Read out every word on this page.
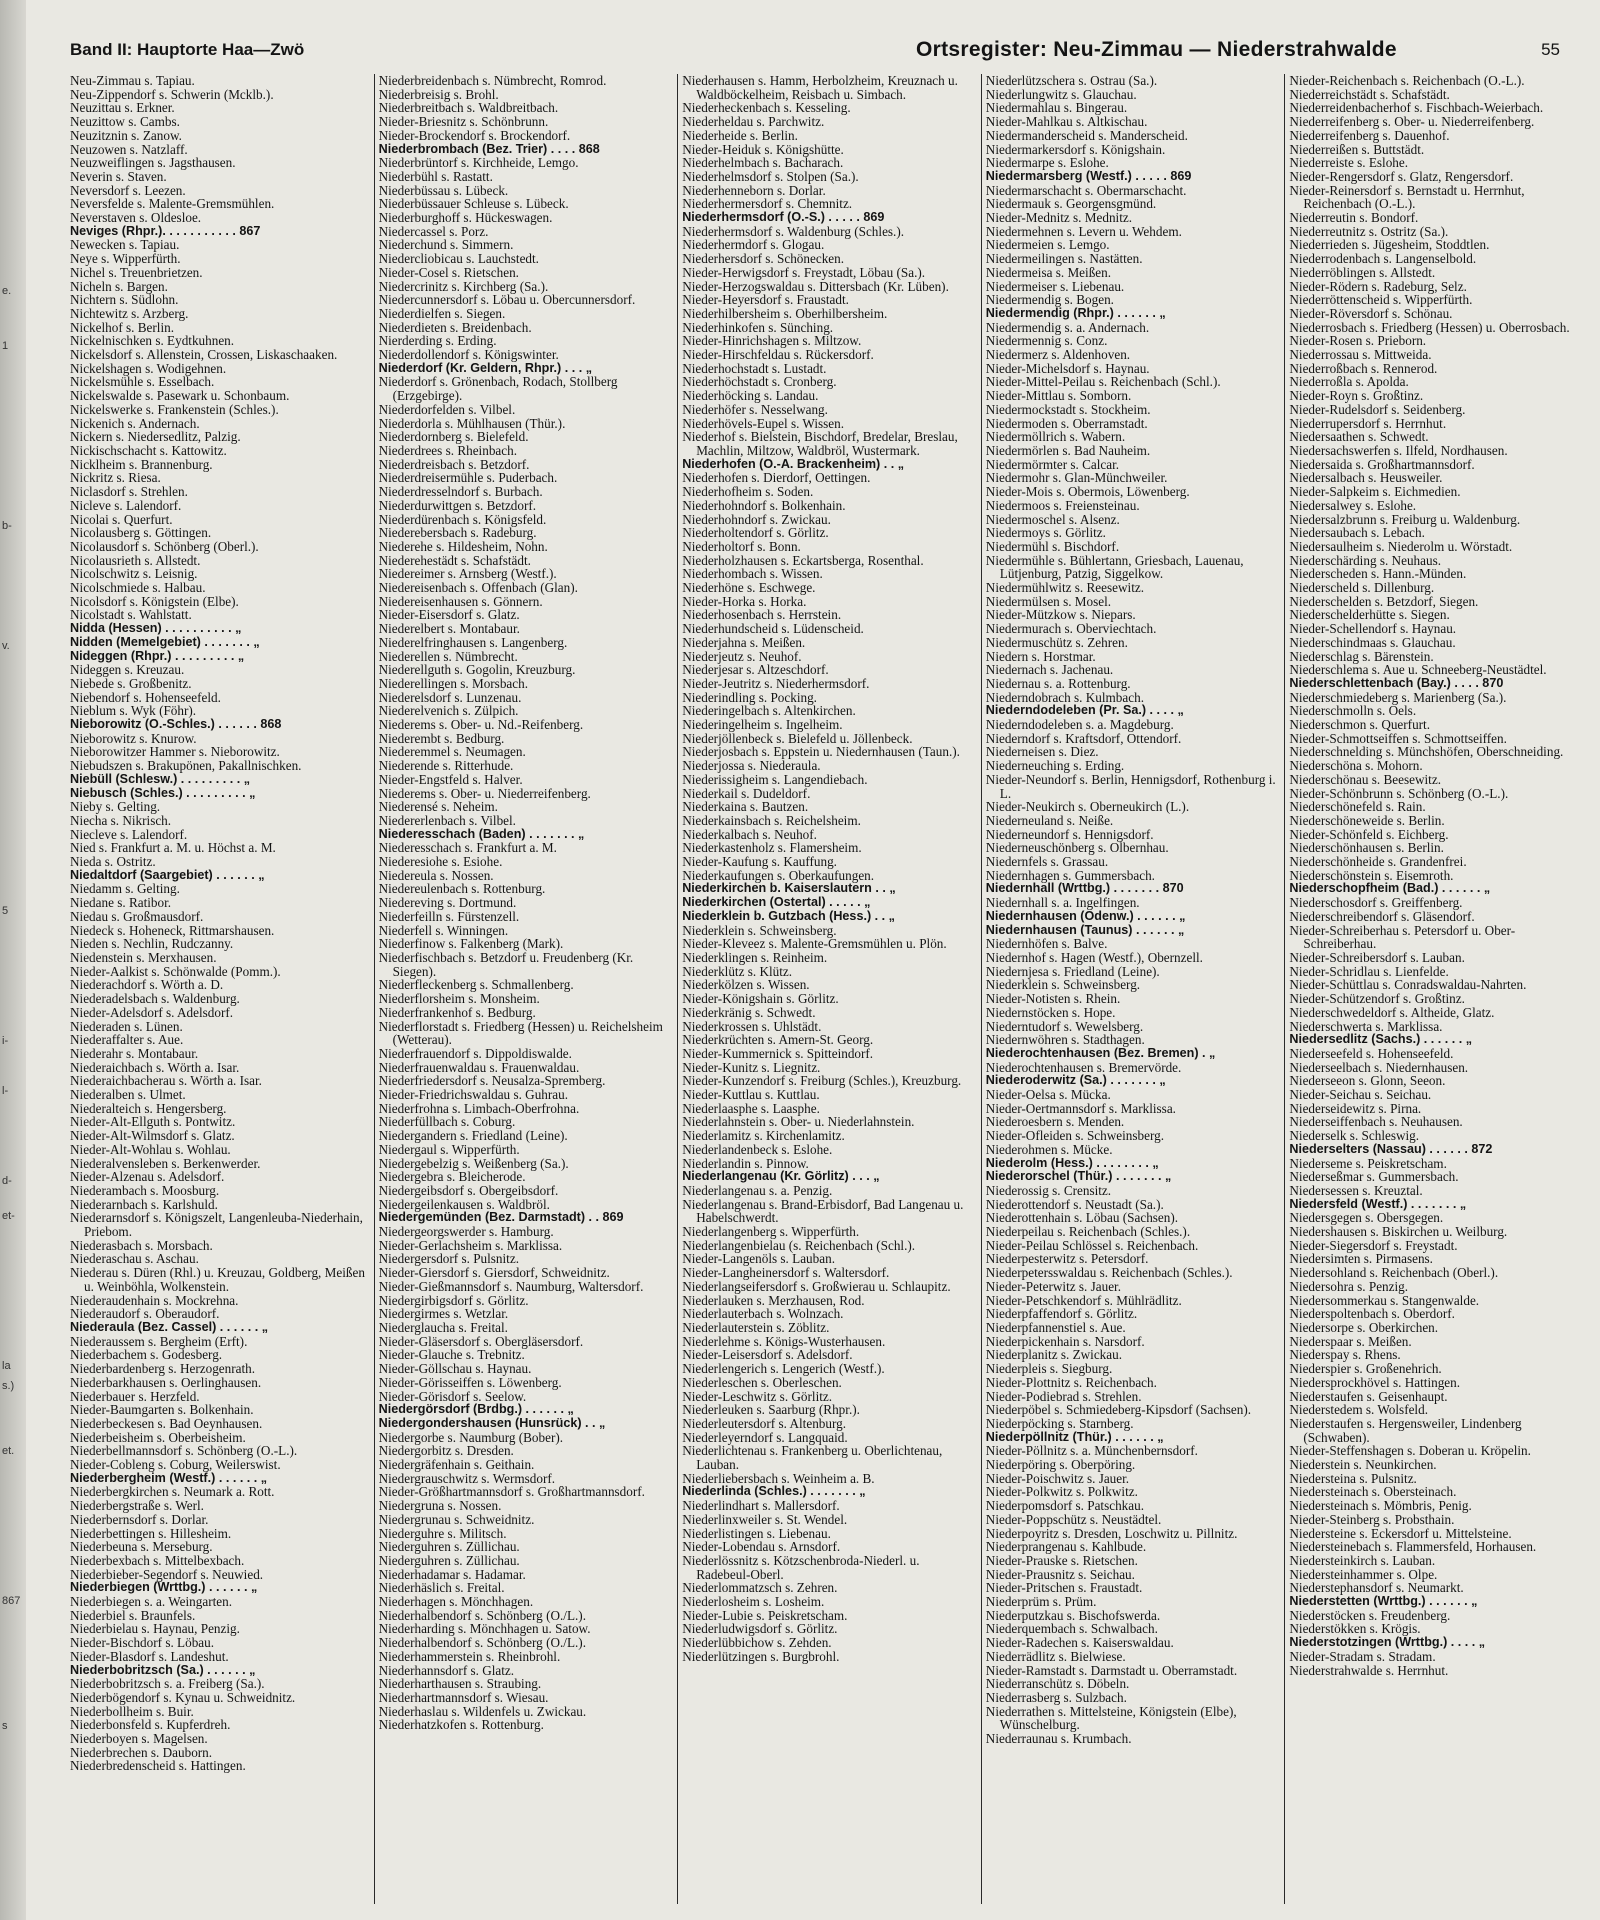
e.
1
b-
v.
5
i-
l-
d-
et-
la
s.)
et.
867
s
Band II: Hauptorte Haa—Zwö	Ortsregister: Neu-Zimmau — Niederstrahwalde	55
Neu-Zimmau s. Tapiau.
Neu-Zippendorf s. Schwerin (Mcklb.).
Neuzittau s. Erkner.
Neuzittow s. Cambs.
Neuzitznin s. Zanow.
Neuzowen s. Natzlaff.
Neuzweiflingen s. Jagsthausen.
Neverin s. Staven.
Neversdorf s. Leezen.
Neversfelde s. Malente-Gremsmühlen.
Neverstaven s. Oldesloe.
Neviges (Rhpr.). . . . . . . . . . . 867
Newecken s. Tapiau.
Neye s. Wipperfürth.
Nichel s. Treuenbrietzen.
Nicheln s. Bargen.
Nichtern s. Südlohn.
Nichtewitz s. Arzberg.
Nickelhof s. Berlin.
Nickelnischken s. Eydtkuhnen.
Nickelsdorf s. Allenstein, Crossen, Liskaschaaken.
Nickelshagen s. Wodigehnen.
Nickelsmühle s. Esselbach.
Nickelswalde s. Pasewark u. Schonbaum.
Nickelswerke s. Frankenstein (Schles.).
Nickenich s. Andernach.
Nickern s. Niedersedlitz, Palzig.
Nickischschacht s. Kattowitz.
Nicklheim s. Brannenburg.
Nickritz s. Riesa.
Niclasdorf s. Strehlen.
Nicleve s. Lalendorf.
Nicolai s. Querfurt.
Nicolausberg s. Göttingen.
Nicolausdorf s. Schönberg (Oberl.).
Nicolausrieth s. Allstedt.
Nicolschwitz s. Leisnig.
Nicolschmiede s. Halbau.
Nicolsdorf s. Königstein (Elbe).
Nicolstadt s. Wahlstatt.
Nidda (Hessen) . . . . . . . . . . „
Nidden (Memelgebiet) . . . . . . . „
Nideggen (Rhpr.) . . . . . . . . . „
Nideggen s. Kreuzau.
Niebede s. Großbenitz.
Niebendorf s. Hohenseefeld.
Nieblum s. Wyk (Föhr).
Nieborowitz (O.-Schles.) . . . . . . 868
Nieborowitz s. Knurow.
Nieborowitzer Hammer s. Nieborowitz.
Niebudszen s. Brakupönen, Pakallnischken.
Niebüll (Schlesw.) . . . . . . . . . „
Niebusch (Schles.) . . . . . . . . . „
Nieby s. Gelting.
Niecha s. Nikrisch.
Niecleve s. Lalendorf.
Nied s. Frankfurt a. M. u. Höchst a. M.
Nieda s. Ostritz.
Niedaltdorf (Saargebiet) . . . . . . „
Niedamm s. Gelting.
Niedane s. Ratibor.
Niedau s. Großmausdorf.
Niedeck s. Hoheneck, Rittmarshausen.
Nieden s. Nechlin, Rudczanny.
Niedenstein s. Merxhausen.
Nieder-Aalkist s. Schönwalde (Pomm.).
Niederachdorf s. Wörth a. D.
Niederadelsbach s. Waldenburg.
Nieder-Adelsdorf s. Adelsdorf.
Niederaden s. Lünen.
Niederaffalter s. Aue.
Niederahr s. Montabaur.
Niederaichbach s. Wörth a. Isar.
Niederaichbacherau s. Wörth a. Isar.
Niederalben s. Ulmet.
Niederalteich s. Hengersberg.
Nieder-Alt-Ellguth s. Pontwitz.
Nieder-Alt-Wilmsdorf s. Glatz.
Nieder-Alt-Wohlau s. Wohlau.
Niederalvensleben s. Berkenwerder.
Nieder-Alzenau s. Adelsdorf.
Niederambach s. Moosburg.
Niederarnbach s. Karlshuld.
Niederarnsdorf s. Königszelt, Langenleuba-Niederhain, Priebom.
Niederasbach s. Morsbach.
Niederaschau s. Aschau.
Niederau s. Düren (Rhl.) u. Kreuzau, Goldberg, Meißen u. Weinböhla, Wolkenstein.
Niederaudenhain s. Mockrehna.
Niederaudorf s. Oberaudorf.
Niederaula (Bez. Cassel) . . . . . . „
Niederaussem s. Bergheim (Erft).
Niederbachem s. Godesberg.
Niederbardenberg s. Herzogenrath.
Niederbarkhausen s. Oerlinghausen.
Niederbauer s. Herzfeld.
Nieder-Baumgarten s. Bolkenhain.
Niederbeckesen s. Bad Oeynhausen.
Niederbeisheim s. Oberbeisheim.
Niederbellmannsdorf s. Schönberg (O.-L.).
Nieder-Cobleng s. Coburg, Weilerswist.
Niederbergheim (Westf.) . . . . . . „
Niederbergkirchen s. Neumark a. Rott.
Niederbergstraße s. Werl.
Niederbernsdorf s. Dorlar.
Niederbettingen s. Hillesheim.
Niederbeuna s. Merseburg.
Niederbexbach s. Mittelbexbach.
Niederbieber-Segendorf s. Neuwied.
Niederbiegen (Wrttbg.) . . . . . . „
Niederbiegen s. a. Weingarten.
Niederbiel s. Braunfels.
Niederbielau s. Haynau, Penzig.
Nieder-Bischdorf s. Löbau.
Nieder-Blasdorf s. Landeshut.
Niederbobritzsch (Sa.) . . . . . . „
Niederbobritzsch s. a. Freiberg (Sa.).
Niederbögendorf s. Kynau u. Schweidnitz.
Niederbollheim s. Buir.
Niederbonsfeld s. Kupferdreh.
Niederboyen s. Magelsen.
Niederbrechen s. Dauborn.
Niederbredenscheid s. Hattingen.
Niederbreidenbach s. Nümbrecht, Romrod.
Niederbreisig s. Brohl.
Niederbreitbach s. Waldbreitbach.
Nieder-Briesnitz s. Schönbrunn.
Nieder-Brockendorf s. Brockendorf.
Niederbrombach (Bez. Trier) . . . . 868
Niederbrüntorf s. Kirchheide, Lemgo.
Niederbühl s. Rastatt.
Niederbüssau s. Lübeck.
Niederbüssauer Schleuse s. Lübeck.
Niederburghoff s. Hückeswagen.
Niedercassel s. Porz.
Niederchund s. Simmern.
Niedercliobicau s. Lauchstedt.
Nieder-Cosel s. Rietschen.
Niedercrinitz s. Kirchberg (Sa.).
Niedercunnersdorf s. Löbau u. Obercunnersdorf.
Niederdielfen s. Siegen.
Niederdieten s. Breidenbach.
Nierderding s. Erding.
Niederdollendorf s. Königswinter.
Niederdorf (Kr. Geldern, Rhpr.) . . . „
Niederdorf s. Grönenbach, Rodach, Stollberg (Erzgebirge).
Niederdorfelden s. Vilbel.
Niederdorla s. Mühlhausen (Thür.).
Niederdornberg s. Bielefeld.
Niederdrees s. Rheinbach.
Niederdreisbach s. Betzdorf.
Niederdreisermühle s. Puderbach.
Niederdresselndorf s. Burbach.
Niederdurwittgen s. Betzdorf.
Niederdürenbach s. Königsfeld.
Niederebersbach s. Radeburg.
Niederehe s. Hildesheim, Nohn.
Niederehestädt s. Schafstädt.
Niedereimer s. Arnsberg (Westf.).
Niedereisenbach s. Offenbach (Glan).
Niedereisenhausen s. Gönnern.
Nieder-Eisersdorf s. Glatz.
Niederelbert s. Montabaur.
Niederelfringhausen s. Langenberg.
Niederellen s. Nümbrecht.
Niederellguth s. Gogolin, Kreuzburg.
Niederellingen s. Morsbach.
Niederelsdorf s. Lunzenau.
Niederelvenich s. Zülpich.
Niederems s. Ober- u. Nd.-Reifenberg.
Niederembt s. Bedburg.
Niederemmel s. Neumagen.
Niederende s. Ritterhude.
Nieder-Engstfeld s. Halver.
Niederems s. Ober- u. Niederreifenberg.
Niederensé s. Neheim.
Niedererlenbach s. Vilbel.
Niederesschach (Baden) . . . . . . . „
Niederesschach s. Frankfurt a. M.
Niederesiohe s. Esiohe.
Niedereula s. Nossen.
Niedereulenbach s. Rottenburg.
Niedereving s. Dortmund.
Niederfeilln s. Fürstenzell.
Niederfell s. Winningen.
Niederfinow s. Falkenberg (Mark).
Niederfischbach s. Betzdorf u. Freudenberg (Kr. Siegen).
Niederfleckenberg s. Schmallenberg.
Niederflorsheim s. Monsheim.
Niederfrankenhof s. Bedburg.
Niederflorstadt s. Friedberg (Hessen) u. Reichelsheim (Wetterau).
Niederfrauendorf s. Dippoldiswalde.
Niederfrauenwaldau s. Frauenwaldau.
Niederfriedersdorf s. Neusalza-Spremberg.
Nieder-Friedrichswaldau s. Guhrau.
Niederfrohna s. Limbach-Oberfrohna.
Niederfüllbach s. Coburg.
Niedergandern s. Friedland (Leine).
Niedergaul s. Wipperfürth.
Niedergebelzig s. Weißenberg (Sa.).
Niedergebra s. Bleicherode.
Niedergeibsdorf s. Obergeibsdorf.
Niedergeilenkausen s. Waldbröl.
Niedergemünden (Bez. Darmstadt) . . 869
Niedergeorgswerder s. Hamburg.
Nieder-Gerlachsheim s. Marklissa.
Niedergersdorf s. Pulsnitz.
Nieder-Giersdorf s. Giersdorf, Schweidnitz.
Nieder-Gießmannsdorf s. Naumburg, Waltersdorf.
Niedergirbigsdorf s. Görlitz.
Niedergirmes s. Wetzlar.
Niederglaucha s. Freital.
Nieder-Gläsersdorf s. Obergläsersdorf.
Nieder-Glauche s. Trebnitz.
Nieder-Göllschau s. Haynau.
Nieder-Görisseiffen s. Löwenberg.
Nieder-Görisdorf s. Seelow.
Niedergörsdorf (Brdbg.) . . . . . . „
Niedergondershausen (Hunsrück) . . „
Niedergorbe s. Naumburg (Bober).
Niedergorbitz s. Dresden.
Niedergräfenhain s. Geithain.
Niedergrauschwitz s. Wermsdorf.
Nieder-Größhartmannsdorf s. Großhartmannsdorf.
Niedergruna s. Nossen.
Niedergrunau s. Schweidnitz.
Niederguhre s. Militsch.
Niederguhren s. Züllichau.
Niederguhren s. Züllichau.
Niederhadamar s. Hadamar.
Niederhäslich s. Freital.
Niederhagen s. Mönchhagen.
Niederhalbendorf s. Schönberg (O./L.).
Niederharding s. Mönchhagen u. Satow.
Niederhalbendorf s. Schönberg (O./L.).
Niederhammerstein s. Rheinbrohl.
Niederhannsdorf s. Glatz.
Niederharthausen s. Straubing.
Niederhartmannsdorf s. Wiesau.
Niederhaslau s. Wildenfels u. Zwickau.
Niederhatzkofen s. Rottenburg.
Niederhausen s. Hamm, Herbolzheim, Kreuznach u. Waldböckelheim, Reisbach u. Simbach.
Niederheckenbach s. Kesseling.
Niederheldau s. Parchwitz.
Niederheide s. Berlin.
Nieder-Heiduk s. Königshütte.
Niederhelmbach s. Bacharach.
Niederhelmsdorf s. Stolpen (Sa.).
Niederhenneborn s. Dorlar.
Niederhermersdorf s. Chemnitz.
Niederhermsdorf (O.-S.) . . . . . 869
Niederhermsdorf s. Waldenburg (Schles.).
Niederhermdorf s. Glogau.
Niederhersdorf s. Schönecken.
Nieder-Herwigsdorf s. Freystadt, Löbau (Sa.).
Nieder-Herzogswaldau s. Dittersbach (Kr. Lüben).
Nieder-Heyersdorf s. Fraustadt.
Niederhilbersheim s. Oberhilbersheim.
Niederhinkofen s. Sünching.
Nieder-Hinrichshagen s. Miltzow.
Nieder-Hirschfeldau s. Rückersdorf.
Niederhochstadt s. Lustadt.
Niederhöchstadt s. Cronberg.
Niederhöcking s. Landau.
Niederhöfer s. Nesselwang.
Niederhövels-Eupel s. Wissen.
Niederhof s. Bielstein, Bischdorf, Bredelar, Breslau, Machlin, Miltzow, Waldbröl, Wustermark.
Niederhofen (O.-A. Brackenheim) . . „
Niederhofen s. Dierdorf, Oettingen.
Niederhofheim s. Soden.
Niederhohndorf s. Bolkenhain.
Niederhohndorf s. Zwickau.
Niederholtendorf s. Görlitz.
Niederholtorf s. Bonn.
Niederholzhausen s. Eckartsberga, Rosenthal.
Niederhombach s. Wissen.
Niederhöne s. Eschwege.
Nieder-Horka s. Horka.
Niederhosenbach s. Herrstein.
Niederhundscheid s. Lüdenscheid.
Niederjahna s. Meißen.
Niederjeutz s. Neuhof.
Niederjesar s. Altzeschdorf.
Nieder-Jeutritz s. Niederhermsdorf.
Niederindling s. Pocking.
Niederingelbach s. Altenkirchen.
Niederingelheim s. Ingelheim.
Niederjöllenbeck s. Bielefeld u. Jöllenbeck.
Niederjosbach s. Eppstein u. Niedernhausen (Taun.).
Niederjossa s. Niederaula.
Niederissigheim s. Langendiebach.
Niederkail s. Dudeldorf.
Niederkaina s. Bautzen.
Niederkainsbach s. Reichelsheim.
Niederkalbach s. Neuhof.
Niederkastenholz s. Flamersheim.
Nieder-Kaufung s. Kauffung.
Niederkaufungen s. Oberkaufungen.
Niederkirchen b. Kaiserslautern . . „
Niederkirchen (Ostertal) . . . . . „
Niederklein b. Gutzbach (Hess.) . . „
Niederklein s. Schweinsberg.
Nieder-Kleveez s. Malente-Gremsmühlen u. Plön.
Niederklingen s. Reinheim.
Niederklütz s. Klütz.
Niederkölzen s. Wissen.
Nieder-Königshain s. Görlitz.
Niederkränig s. Schwedt.
Niederkrossen s. Uhlstädt.
Niederkrüchten s. Amern-St. Georg.
Nieder-Kummernick s. Spitteindorf.
Nieder-Kunitz s. Liegnitz.
Nieder-Kunzendorf s. Freiburg (Schles.), Kreuzburg.
Nieder-Kuttlau s. Kuttlau.
Niederlaasphe s. Laasphe.
Niederlahnstein s. Ober- u. Niederlahnstein.
Niederlamitz s. Kirchenlamitz.
Niederlandenbeck s. Eslohe.
Niederlandin s. Pinnow.
Niederlangenau (Kr. Görlitz) . . . „
Niederlangenau s. a. Penzig.
Niederlangenau s. Brand-Erbisdorf, Bad Langenau u. Habelschwerdt.
Niederlangenberg s. Wipperfürth.
Niederlangenbielau (s. Reichenbach (Schl.).
Nieder-Langenöls s. Lauban.
Nieder-Langheinersdorf s. Waltersdorf.
Niederlangseifersdorf s. Großwierau u. Schlaupitz.
Niederlauken s. Merzhausen, Rod.
Niederlauterbach s. Wolnzach.
Niederlauterstein s. Zöblitz.
Niederlehme s. Königs-Wusterhausen.
Nieder-Leisersdorf s. Adelsdorf.
Niederlengerich s. Lengerich (Westf.).
Niederleschen s. Oberleschen.
Nieder-Leschwitz s. Görlitz.
Niederleuken s. Saarburg (Rhpr.).
Niederleutersdorf s. Altenburg.
Niederleyerndorf s. Langquaid.
Niederlichtenau s. Frankenberg u. Oberlichtenau, Lauban.
Niederliebersbach s. Weinheim a. B.
Niederlinda (Schles.) . . . . . . . „
Niederlindhart s. Mallersdorf.
Niederlinxweiler s. St. Wendel.
Niederlistingen s. Liebenau.
Nieder-Lobendau s. Arnsdorf.
Niederlössnitz s. Kötzschenbroda-Niederl. u. Radebeul-Oberl.
Niederlommatzsch s. Zehren.
Niederlosheim s. Losheim.
Nieder-Lubie s. Peiskretscham.
Niederludwigsdorf s. Görlitz.
Niederlübbichow s. Zehden.
Niederlützingen s. Burgbrohl.
Niederlützschera s. Ostrau (Sa.).
Niederlungwitz s. Glauchau.
Niedermahlau s. Bingerau.
Nieder-Mahlkau s. Altkischau.
Niedermanderscheid s. Manderscheid.
Niedermarkersdorf s. Königshain.
Niedermarpe s. Eslohe.
Niedermarsberg (Westf.) . . . . . 869
Niedermarschacht s. Obermarschacht.
Niedermauk s. Georgensgmünd.
Nieder-Mednitz s. Mednitz.
Niedermehnen s. Levern u. Wehdem.
Niedermeien s. Lemgo.
Niedermeilingen s. Nastätten.
Niedermeisa s. Meißen.
Niedermeiser s. Liebenau.
Niedermendig s. Bogen.
Niedermendig (Rhpr.) . . . . . . „
Niedermendig s. a. Andernach.
Niedermennig s. Conz.
Niedermerz s. Aldenhoven.
Nieder-Michelsdorf s. Haynau.
Nieder-Mittel-Peilau s. Reichenbach (Schl.).
Nieder-Mittlau s. Somborn.
Niedermockstadt s. Stockheim.
Niedermoden s. Oberramstadt.
Niedermöllrich s. Wabern.
Niedermörlen s. Bad Nauheim.
Niedermörmter s. Calcar.
Niedermohr s. Glan-Münchweiler.
Nieder-Mois s. Obermois, Löwenberg.
Niedermoos s. Freiensteinau.
Niedermoschel s. Alsenz.
Niedermoys s. Görlitz.
Niedermühl s. Bischdorf.
Niedermühle s. Bühlertann, Griesbach, Lauenau, Lütjenburg, Patzig, Siggelkow.
Niedermühlwitz s. Reesewitz.
Niedermülsen s. Mosel.
Nieder-Mützkow s. Niepars.
Niedermurach s. Oberviechtach.
Niedermuschütz s. Zehren.
Niedern s. Horstmar.
Niedernach s. Jachenau.
Niedernau s. a. Rottenburg.
Niederndobrach s. Kulmbach.
Niederndodeleben (Pr. Sa.) . . . . „
Niederndodeleben s. a. Magdeburg.
Niederndorf s. Kraftsdorf, Ottendorf.
Niederneisen s. Diez.
Niederneuching s. Erding.
Nieder-Neundorf s. Berlin, Hennigsdorf, Rothenburg i. L.
Nieder-Neukirch s. Oberneukirch (L.).
Niederneuland s. Neiße.
Niederneundorf s. Hennigsdorf.
Niederneuschönberg s. Olbernhau.
Niedernfels s. Grassau.
Niedernhagen s. Gummersbach.
Niedernhall (Wrttbg.) . . . . . . . 870
Niedernhall s. a. Ingelfingen.
Niedernhausen (Odenw.) . . . . . . „
Niedernhausen (Taunus) . . . . . . „
Niedernhöfen s. Balve.
Niedernhof s. Hagen (Westf.), Obernzell.
Niedernjesa s. Friedland (Leine).
Niederklein s. Schweinsberg.
Nieder-Notisten s. Rhein.
Niedernstöcken s. Hope.
Niederntudorf s. Wewelsberg.
Niedernwöhren s. Stadthagen.
Niederochtenhausen (Bez. Bremen) . „
Niederochtenhausen s. Bremervörde.
Niederoderwitz (Sa.) . . . . . . . „
Nieder-Oelsa s. Mücka.
Nieder-Oertmannsdorf s. Marklissa.
Niederoesbern s. Menden.
Nieder-Ofleiden s. Schweinsberg.
Niederohmen s. Mücke.
Niederolm (Hess.) . . . . . . . . „
Niederorschel (Thür.) . . . . . . . „
Niederossig s. Crensitz.
Niederottendorf s. Neustadt (Sa.).
Niederottenhain s. Löbau (Sachsen).
Niederpeilau s. Reichenbach (Schles.).
Nieder-Peilau Schlössel s. Reichenbach.
Niederpesterwitz s. Petersdorf.
Niederpetersswaldau s. Reichenbach (Schles.).
Nieder-Peterwitz s. Jauer.
Nieder-Petschkendorf s. Mühlrädlitz.
Niederpfaffendorf s. Görlitz.
Niederpfannenstiel s. Aue.
Niederpickenhain s. Narsdorf.
Niederplanitz s. Zwickau.
Niederpleis s. Siegburg.
Nieder-Plottnitz s. Reichenbach.
Nieder-Podiebrad s. Strehlen.
Niederpöbel s. Schmiedeberg-Kipsdorf (Sachsen).
Niederpöcking s. Starnberg.
Niederpöllnitz (Thür.) . . . . . . „
Nieder-Pöllnitz s. a. Münchenbernsdorf.
Niederpöring s. Oberpöring.
Nieder-Poischwitz s. Jauer.
Nieder-Polkwitz s. Polkwitz.
Niederpomsdorf s. Patschkau.
Nieder-Poppschütz s. Neustädtel.
Niederpoyritz s. Dresden, Loschwitz u. Pillnitz.
Niederprangenau s. Kahlbude.
Nieder-Prauske s. Rietschen.
Nieder-Prausnitz s. Seichau.
Nieder-Pritschen s. Fraustadt.
Niederprüm s. Prüm.
Niederputzkau s. Bischofswerda.
Niederquembach s. Schwalbach.
Nieder-Radechen s. Kaiserswaldau.
Niederrädlitz s. Bielwiese.
Nieder-Ramstadt s. Darmstadt u. Oberramstadt.
Niederranschütz s. Döbeln.
Niederrasberg s. Sulzbach.
Niederrathen s. Mittelsteine, Königstein (Elbe), Wünschelburg.
Niederraunau s. Krumbach.
Nieder-Reichenbach s. Reichenbach (O.-L.).
Niederreichstädt s. Schafstädt.
Niederreidenbacherhof s. Fischbach-Weierbach.
Niederreifenberg s. Ober- u. Niederreifenberg.
Niederreifenberg s. Dauenhof.
Niederreißen s. Buttstädt.
Niederreiste s. Eslohe.
Nieder-Rengersdorf s. Glatz, Rengersdorf.
Nieder-Reinersdorf s. Bernstadt u. Herrnhut, Reichenbach (O.-L.).
Niederreutin s. Bondorf.
Niederreutnitz s. Ostritz (Sa.).
Niederrieden s. Jügesheim, Stoddtlen.
Niederrodenbach s. Langenselbold.
Niederröblingen s. Allstedt.
Nieder-Rödern s. Radeburg, Selz.
Niederröttenscheid s. Wipperfürth.
Nieder-Röversdorf s. Schönau.
Niederrosbach s. Friedberg (Hessen) u. Oberrosbach.
Nieder-Rosen s. Prieborn.
Niederrossau s. Mittweida.
Niederroßbach s. Rennerod.
Niederroßla s. Apolda.
Nieder-Royn s. Großtinz.
Nieder-Rudelsdorf s. Seidenberg.
Niederrupersdorf s. Herrnhut.
Niedersaathen s. Schwedt.
Niedersachswerfen s. Ilfeld, Nordhausen.
Niedersaida s. Großhartmannsdorf.
Niedersalbach s. Heusweiler.
Nieder-Salpkeim s. Eichmedien.
Niedersalwey s. Eslohe.
Niedersalzbrunn s. Freiburg u. Waldenburg.
Niedersaubach s. Lebach.
Niedersaulheim s. Niederolm u. Wörstadt.
Niederschärding s. Neuhaus.
Niederscheden s. Hann.-Münden.
Niederscheld s. Dillenburg.
Niederschelden s. Betzdorf, Siegen.
Niederschelderhütte s. Siegen.
Nieder-Schellendorf s. Haynau.
Niederschindmaas s. Glauchau.
Niederschlag s. Bärenstein.
Niederschlema s. Aue u. Schneeberg-Neustädtel.
Niederschlettenbach (Bay.) . . . . 870
Niederschmiedeberg s. Marienberg (Sa.).
Niederschmolln s. Oels.
Niederschmon s. Querfurt.
Nieder-Schmottseiffen s. Schmottseiffen.
Niederschnelding s. Münchshöfen, Oberschneiding.
Niederschöna s. Mohorn.
Niederschönau s. Beesewitz.
Nieder-Schönbrunn s. Schönberg (O.-L.).
Niederschönefeld s. Rain.
Niederschöneweide s. Berlin.
Nieder-Schönfeld s. Eichberg.
Niederschönhausen s. Berlin.
Niederschönheide s. Grandenfrei.
Niederschönstein s. Eisemroth.
Niederschopfheim (Bad.) . . . . . . „
Niederschosdorf s. Greiffenberg.
Niederschreibendorf s. Gläsendorf.
Nieder-Schreiberhau s. Petersdorf u. Ober-Schreiberhau.
Nieder-Schreibersdorf s. Lauban.
Nieder-Schridlau s. Lienfelde.
Nieder-Schüttlau s. Conradswaldau-Nahrten.
Nieder-Schützendorf s. Großtinz.
Niederschwedeldorf s. Altheide, Glatz.
Niederschwerta s. Marklissa.
Niedersedlitz (Sachs.) . . . . . . „
Niederseefeld s. Hohenseefeld.
Niederseelbach s. Niedernhausen.
Niederseeon s. Glonn, Seeon.
Nieder-Seichau s. Seichau.
Niederseidewitz s. Pirna.
Niederseiffenbach s. Neuhausen.
Niederselk s. Schleswig.
Niederselters (Nassau) . . . . . . 872
Niederseme s. Peiskretscham.
Niederseßmar s. Gummersbach.
Niedersessen s. Kreuztal.
Niedersfeld (Westf.) . . . . . . . „
Niedersgegen s. Obersgegen.
Niedershausen s. Biskirchen u. Weilburg.
Nieder-Siegersdorf s. Freystadt.
Niedersimten s. Pirmasens.
Niedersohland s. Reichenbach (Oberl.).
Niedersohra s. Penzig.
Niedersommerkau s. Stangenwalde.
Niederspoltenbach s. Oberdorf.
Niedersorpe s. Oberkirchen.
Niederspaar s. Meißen.
Niederspay s. Rhens.
Niederspier s. Großenehrich.
Niedersprockhövel s. Hattingen.
Niederstaufen s. Geisenhaupt.
Niederstedem s. Wolsfeld.
Niederstaufen s. Hergensweiler, Lindenberg (Schwaben).
Nieder-Steffenshagen s. Doberan u. Kröpelin.
Niederstein s. Neunkirchen.
Niedersteina s. Pulsnitz.
Niedersteinach s. Obersteinach.
Niedersteinach s. Mömbris, Penig.
Nieder-Steinberg s. Probsthain.
Niedersteine s. Eckersdorf u. Mittelsteine.
Niedersteinebach s. Flammersfeld, Horhausen.
Niedersteinkirch s. Lauban.
Niedersteinhammer s. Olpe.
Niederstephansdorf s. Neumarkt.
Niederstetten (Wrttbg.) . . . . . . „
Niederstöcken s. Freudenberg.
Niederstökken s. Krögis.
Niederstotzingen (Wrttbg.) . . . . „
Nieder-Stradam s. Stradam.
Niederstrahwalde s. Herrnhut.
